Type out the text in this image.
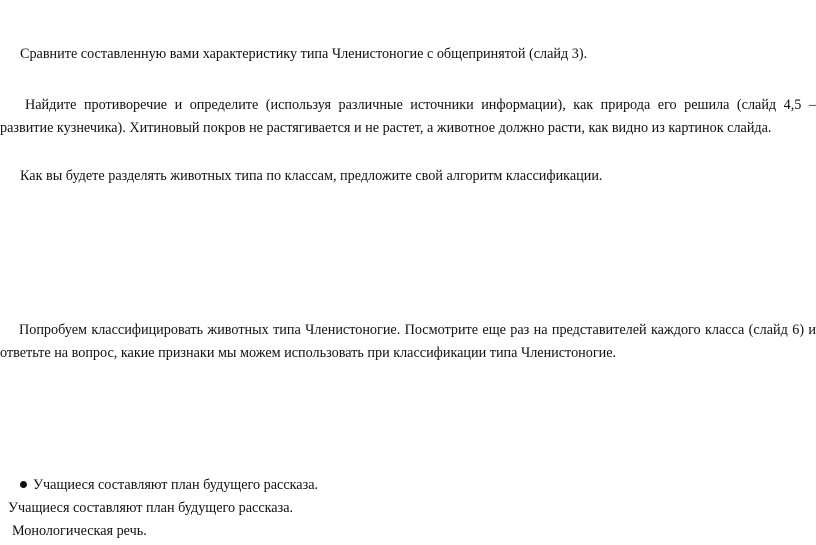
Сравните составленную вами характеристику типа Членистоногие с общепринятой (слайд 3).

Найдите противоречие и определите (используя различные источники информации), как природа его решила (слайд 4,5 – развитие кузнечика). Хитиновый покров не растягивается и не растет, а животное должно расти, как видно из картинок слайда.

Как вы будете разделять животных типа по классам, предложите свой алгоритм классификации.

Попробуем классифицировать животных типа Членистоногие. Посмотрите еще раз на представителей каждого класса (слайд 6) и ответьте на вопрос, какие признаки мы можем использовать при классификации типа Членистоногие.

Учащиеся составляют план будущего рассказа.
Учащиеся составляют план будущего рассказа.
Монологическая речь.
